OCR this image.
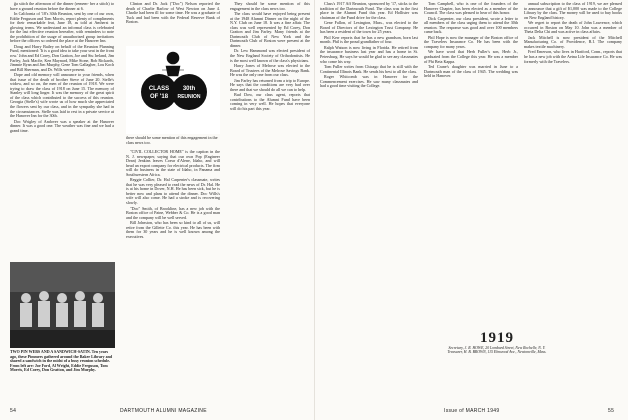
ĝa stitch the afternoon of the dinner (remem- ber a stitch) to have a ground reunion before the dinner at 6.

In California of '18's 30th Reunion, sent by one of our own, Eddie Ferguson and Tom Morris, report plenty of compliments for their remarkable feat, June 18, as told at Amherst in glowing terms. We understand an informal class is celebrated for the last effective reunion hereafter, with reminders to note the prohibition of the usage of unauthorized group invitations before the officers so ordered the place at the Hanover Inn.

Doug and Harry Bailey on behalf of the Reunion Planning Fund, mentioned: 'It is a good idea to take your seat in the front row.' John and Ed Corey, Don Gratton, Joe and Stu Ireland, Jim Farley, Jack Macfie, Ken Maynard, Mike Stone, Bob Rickards, Jimmie Ryan and Jim Murphy, Gene Tom Gallagher, Lou Koch and Bill Sherman, and Dr. Wills were present.

Dope and old memory will announce to your friends, when that issue of the death of brother Steve of June 20. Stelle's widow, and so on, the men of the reunion of 1918. We were trying to draw the class of 1918 on June 15. The memory of Stanley will long linger. It was the memory of the great spirit of the class which contributed to the success of this reunion. Georgia (Stelle's) wife wrote us of how much she appreciated the flowers sent by our class, and in the sympathy she had in the circumstances. Stelle was laid to rest in a private service at the Hanover Inn for the 30th.

Doc Wrigley of Andover was a speaker at the Hanover dinner. It was a good one. The weather was fine and we had a grand time.

Clinton and Dr. Jack ("Doc") Nelson reported the death of Charlie Barlow of West Newton on June 4. Charlie had been ill for some time. He was a graduate of Tuck and had been with the Federal Reserve Bank of Boston.

CLASS
OF '18
30th
REUNION
there should be some mention of this engagement in the class news too.

"CIVIL COLLECTOR HOME" is the caption in the N. J. newspaper, saying that our own Pop (Engineer Dean) Jenkins leaves Coeur d'Alene, Idaho, and will head an export company for electrical products. The firm will do business in the state of Idaho, in Panama and Southwestern Africa.

Reggie Collier, Dr. Hal Carpenter's classmate, writes that he was very pleased to read the news of Dr. Hal. He is at his home in Dover, N.H. He has been sick, but he is better now and plans to attend the dinner. Doc Wills's wife will also come. He had a stroke and is recovering slowly.

"Doc" Smith, of Brookline, has a new job with the Boston office of Paine, Webber & Co. He is a good man and the company will be well served.

Bill Johnston, who has been so kind to all of us, will retire from the Gillette Co. this year. He has been with them for 30 years and he is well known among the executives.

They should be some mention of this engagement in the class news too.

The class would have enjoyed being present at the 1948 Alumni Dinner on the night of the N.Y. Club on June 18. It was a fine affair. The class was well represented by Ed Corey, Don Gratton and Jim Farley. Many friends at the Dartmouth Club of New York and the Dartmouth Club of Boston were present at the dinner.

Dr. Lew Hammond was elected president of the New England Society of Orthodontists. He is the most well known of the class's physicians.

Harry Jones of Melrose was elected to the Board of Trustees of the Melrose Savings Bank. He was the only one from our class.

Jim Farley has returned from a trip to Europe. He says that the conditions are very bad over there and that we should do all we can to help.

Bud Dow, our class agent, reports that contributions to the Alumni Fund have been coming in very well. He hopes that everyone will do his part this year.

TWO PIN WEBS AND A SANDWICH-SATIN. Ten years ago, these Pimmers gathered around the Baker Library and shared a sandwich in the midst of a busy reunion schedule. From left are: Joe Ford, Al Wright, Eddie Ferguson, Tom Morris, Ed Corey, Don Gratton, and Jim Murphy.
54	DARTMOUTH ALUMNI MAGAZINE

Class's 1917 Aff Reunion, sponsored by '17, sticks to the tradition of the Dartmouth Fund. The class was in the first place in the Alumni Fund this year. Ed Hollister was chairman of the Fund drive for the class.

Gene Fallon, of Lexington, Mass., was elected to the Board of Directors of the Lexington Trust Company. He has been a resident of the town for 25 years.

Phil Kerr reports that he has a new grandson, born last month. Phil is the proud grandfather of four.

Ralph Watson is now living in Florida. He retired from the insurance business last year and has a home in St. Petersburg. He says he would be glad to see any classmates who come his way.

Tom Fuller writes from Chicago that he is still with the Continental Illinois Bank. He sends his best to all the class.

Roger Whitcomb was in Hanover for the Commencement exercises. He saw many classmates and had a good time visiting the College.

Tom Campbell, who is one of the founders of the Hanover Chapter, has been elected as a member of the Council. The class was pleased to hear of this honor.

Dick Carpenter, our class president, wrote a letter to all members of the class urging them to attend the 30th reunion. The response was good and over 100 members came back.

Phil Hope is now the manager of the Boston office of the Travelers Insurance Co. He has been with the company for many years.

We have word that Herb Fuller's son, Herb Jr., graduated from the College this year. He was a member of Phi Beta Kappa.

Ted Crane's daughter was married in June to a Dartmouth man of the class of 1945. The wedding was held in Hanover.

annual subscription to the class of 1919, we are pleased to announce that a gift of $1,000 was made to the College Library by the class. The money will be used to buy books on New England history.

We regret to report the death of John Lawrence, which occurred in Boston on May 10. John was a member of Theta Delta Chi and was active in class affairs.

Jack Mitchell is now president of the Mitchell Manufacturing Co. of Providence, R.I. The company makes textile machinery.

Fred Emerson, who lives in Hartford, Conn., reports that he has a new job with the Aetna Life Insurance Co. He was formerly with the Travelers.

Issue of MARCH 1949	55
1919
Secretary, J. R. HOWE, 20 Lombard Street, New Rochelle, N. Y.
Treasurer, H. B. BROWN, 115 Elmwood Ave., Newtonville, Mass.
